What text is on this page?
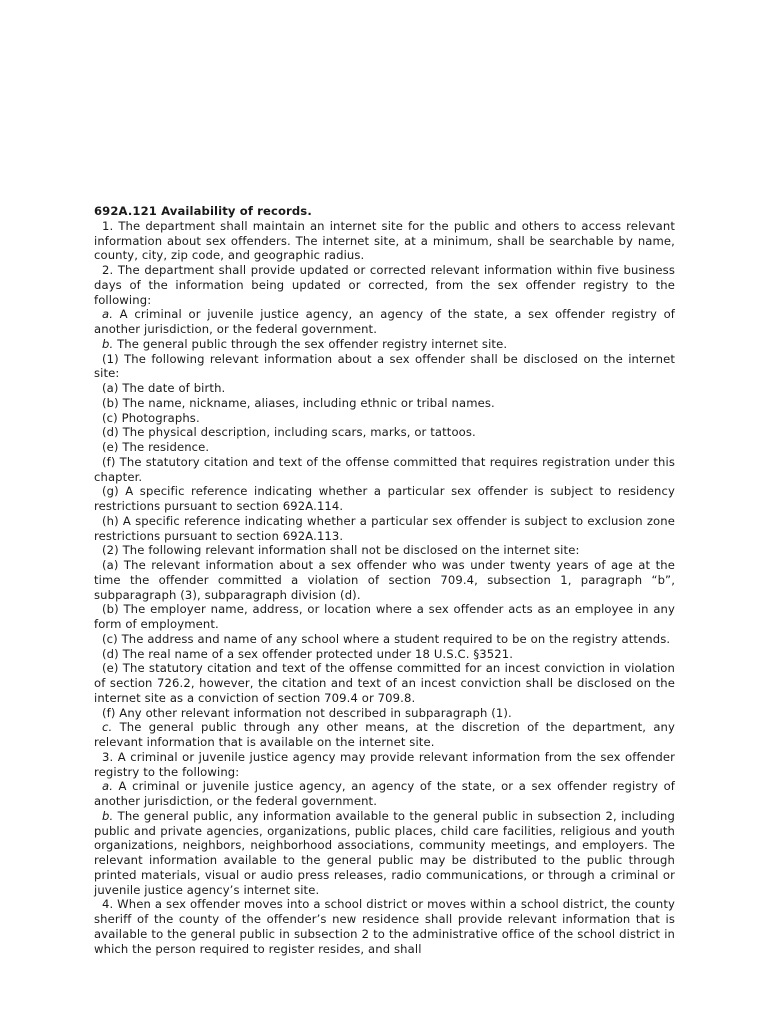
692A.121 Availability of records.

1. The department shall maintain an internet site for the public and others to access relevant information about sex offenders. The internet site, at a minimum, shall be searchable by name, county, city, zip code, and geographic radius.

2. The department shall provide updated or corrected relevant information within five business days of the information being updated or corrected, from the sex offender registry to the following:

a. A criminal or juvenile justice agency, an agency of the state, a sex offender registry of another jurisdiction, or the federal government.

b. The general public through the sex offender registry internet site.

(1) The following relevant information about a sex offender shall be disclosed on the internet site:

(a) The date of birth.

(b) The name, nickname, aliases, including ethnic or tribal names.

(c) Photographs.

(d) The physical description, including scars, marks, or tattoos.

(e) The residence.

(f) The statutory citation and text of the offense committed that requires registration under this chapter.

(g) A specific reference indicating whether a particular sex offender is subject to residency restrictions pursuant to section 692A.114.

(h) A specific reference indicating whether a particular sex offender is subject to exclusion zone restrictions pursuant to section 692A.113.

(2) The following relevant information shall not be disclosed on the internet site:

(a) The relevant information about a sex offender who was under twenty years of age at the time the offender committed a violation of section 709.4, subsection 1, paragraph “b”, subparagraph (3), subparagraph division (d).

(b) The employer name, address, or location where a sex offender acts as an employee in any form of employment.

(c) The address and name of any school where a student required to be on the registry attends.

(d) The real name of a sex offender protected under 18 U.S.C. §3521.

(e) The statutory citation and text of the offense committed for an incest conviction in violation of section 726.2, however, the citation and text of an incest conviction shall be disclosed on the internet site as a conviction of section 709.4 or 709.8.

(f) Any other relevant information not described in subparagraph (1).

c. The general public through any other means, at the discretion of the department, any relevant information that is available on the internet site.

3. A criminal or juvenile justice agency may provide relevant information from the sex offender registry to the following:

a. A criminal or juvenile justice agency, an agency of the state, or a sex offender registry of another jurisdiction, or the federal government.

b. The general public, any information available to the general public in subsection 2, including public and private agencies, organizations, public places, child care facilities, religious and youth organizations, neighbors, neighborhood associations, community meetings, and employers. The relevant information available to the general public may be distributed to the public through printed materials, visual or audio press releases, radio communications, or through a criminal or juvenile justice agency’s internet site.

4. When a sex offender moves into a school district or moves within a school district, the county sheriff of the county of the offender’s new residence shall provide relevant information that is available to the general public in subsection 2 to the administrative office of the school district in which the person required to register resides, and shall
